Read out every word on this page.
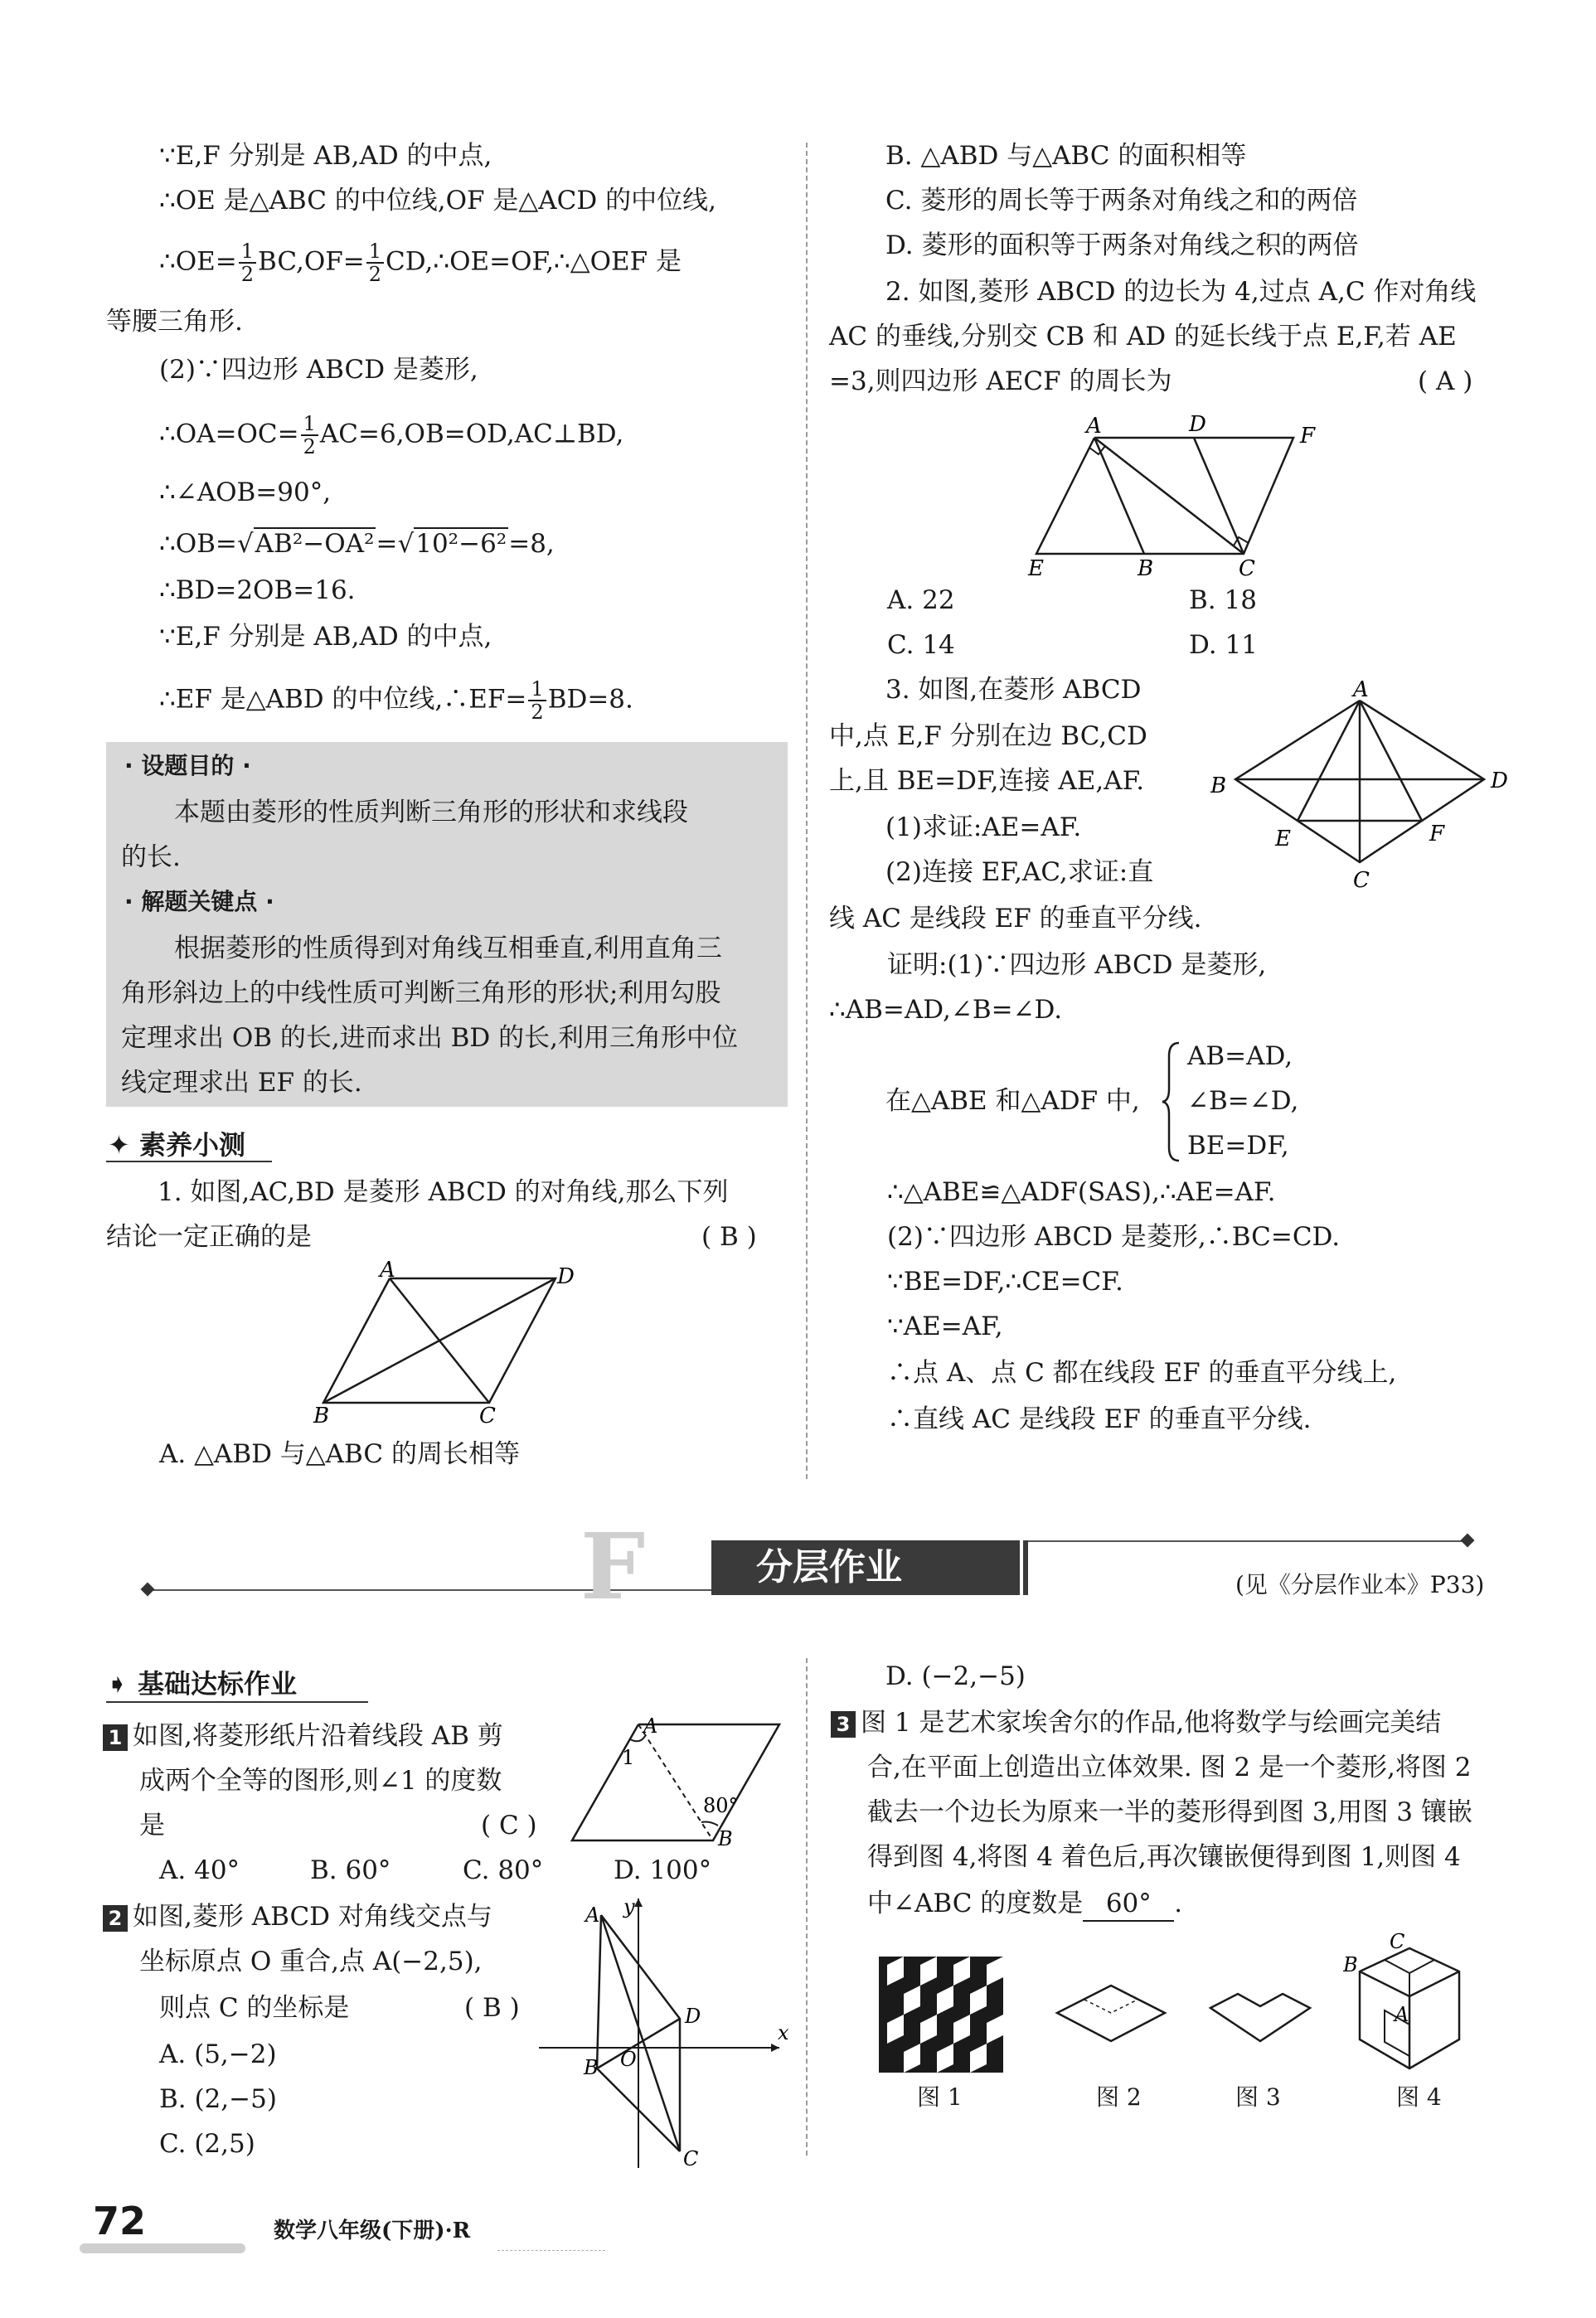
∵E,F 分别是 AB,AD 的中点,
∴OE 是△ABC 的中位线,OF 是△ACD 的中位线,
∴OE= $\frac{1}{2} BC,OF= \frac{1}{2}$ CD,∴OE=OF,∴△OEF 是
等腰三角形.
(2)∵四边形 ABCD 是菱形,
∴OA=OC= $\frac{1}{2}$ AC=6,OB=OD,AC⊥BD,
∴∠AOB=90°,
∴OB=√AB²−OA²=√10²−6²=8,
∴BD=2OB=16.
∵E,F 分别是 AB,AD 的中点,
∴EF 是△ABD 的中位线,∴EF= $\frac{1}{2} BD=8$.
· 设题目的 ·
本题由菱形的性质判断三角形的形状和求线段
的长.
· 解题关键点 ·
根据菱形的性质得到对角线互相垂直,利用直角三
角形斜边上的中线性质可判断三角形的形状;利用勾股
定理求出 OB 的长,进而求出 BD 的长,利用三角形中位
线定理求出 EF 的长.
✦ 素养小测
1. 如图,AC,BD 是菱形 ABCD 的对角线,那么下列
结论一定正确的是	( B )
A	D
B	C
A. △ABD 与△ABC 的周长相等
B. △ABD 与△ABC 的面积相等
C. 菱形的周长等于两条对角线之和的两倍
D. 菱形的面积等于两条对角线之积的两倍
2. 如图,菱形 ABCD 的边长为 4,过点 A,C 作对角线
AC 的垂线,分别交 CB 和 AD 的延长线于点 E,F,若 AE
=3,则四边形 AECF 的周长为	( A )
A	D	F
E	B	C
A. 22	B. 18
C. 14	D. 11
3. 如图,在菱形 ABCD
中,点 E,F 分别在边 BC,CD
上,且 BE=DF,连接 AE,AF.
(1)求证:AE=AF.
(2)连接 EF,AC,求证:直
线 AC 是线段 EF 的垂直平分线.
A
D
B
E	F
C
证明:(1)∵四边形 ABCD 是菱形,
∴AB=AD,∠B=∠D.
在△ABE 和△ADF 中,
AB=AD,
∠B=∠D,
BE=DF,
∴△ABE≌△ADF(SAS),∴AE=AF.
(2)∵四边形 ABCD 是菱形,∴BC=CD.
∵BE=DF,∴CE=CF.
∵AE=AF,
∴点 A、点 C 都在线段 EF 的垂直平分线上,
∴直线 AC 是线段 EF 的垂直平分线.
F	分层作业	(见《分层作业本》P33)
➧ 基础达标作业
1 如图,将菱形纸片沿着线段 AB 剪
成两个全等的图形,则∠1 的度数
是	( C )
A. 40°	B. 60°	C. 80°	D. 100°
A
1
80°
B
2 如图,菱形 ABCD 对角线交点与
坐标原点 O 重合,点 A(−2,5),
则点 C 的坐标是	( B )
A. (5,−2)
B. (2,−5)
C. (2,5)
x
y
A
D
B O
C
D. (−2,−5)
3 图 1 是艺术家埃舍尔的作品,他将数学与绘画完美结
合,在平面上创造出立体效果. 图 2 是一个菱形,将图 2
截去一个边长为原来一半的菱形得到图 3,用图 3 镶嵌
得到图 4,将图 4 着色后,再次镶嵌便得到图 1,则图 4
中∠ABC 的度数是 60° .
C
B
A
图 1	图 2	图 3	图 4
72	数学八年级(下册)·R
